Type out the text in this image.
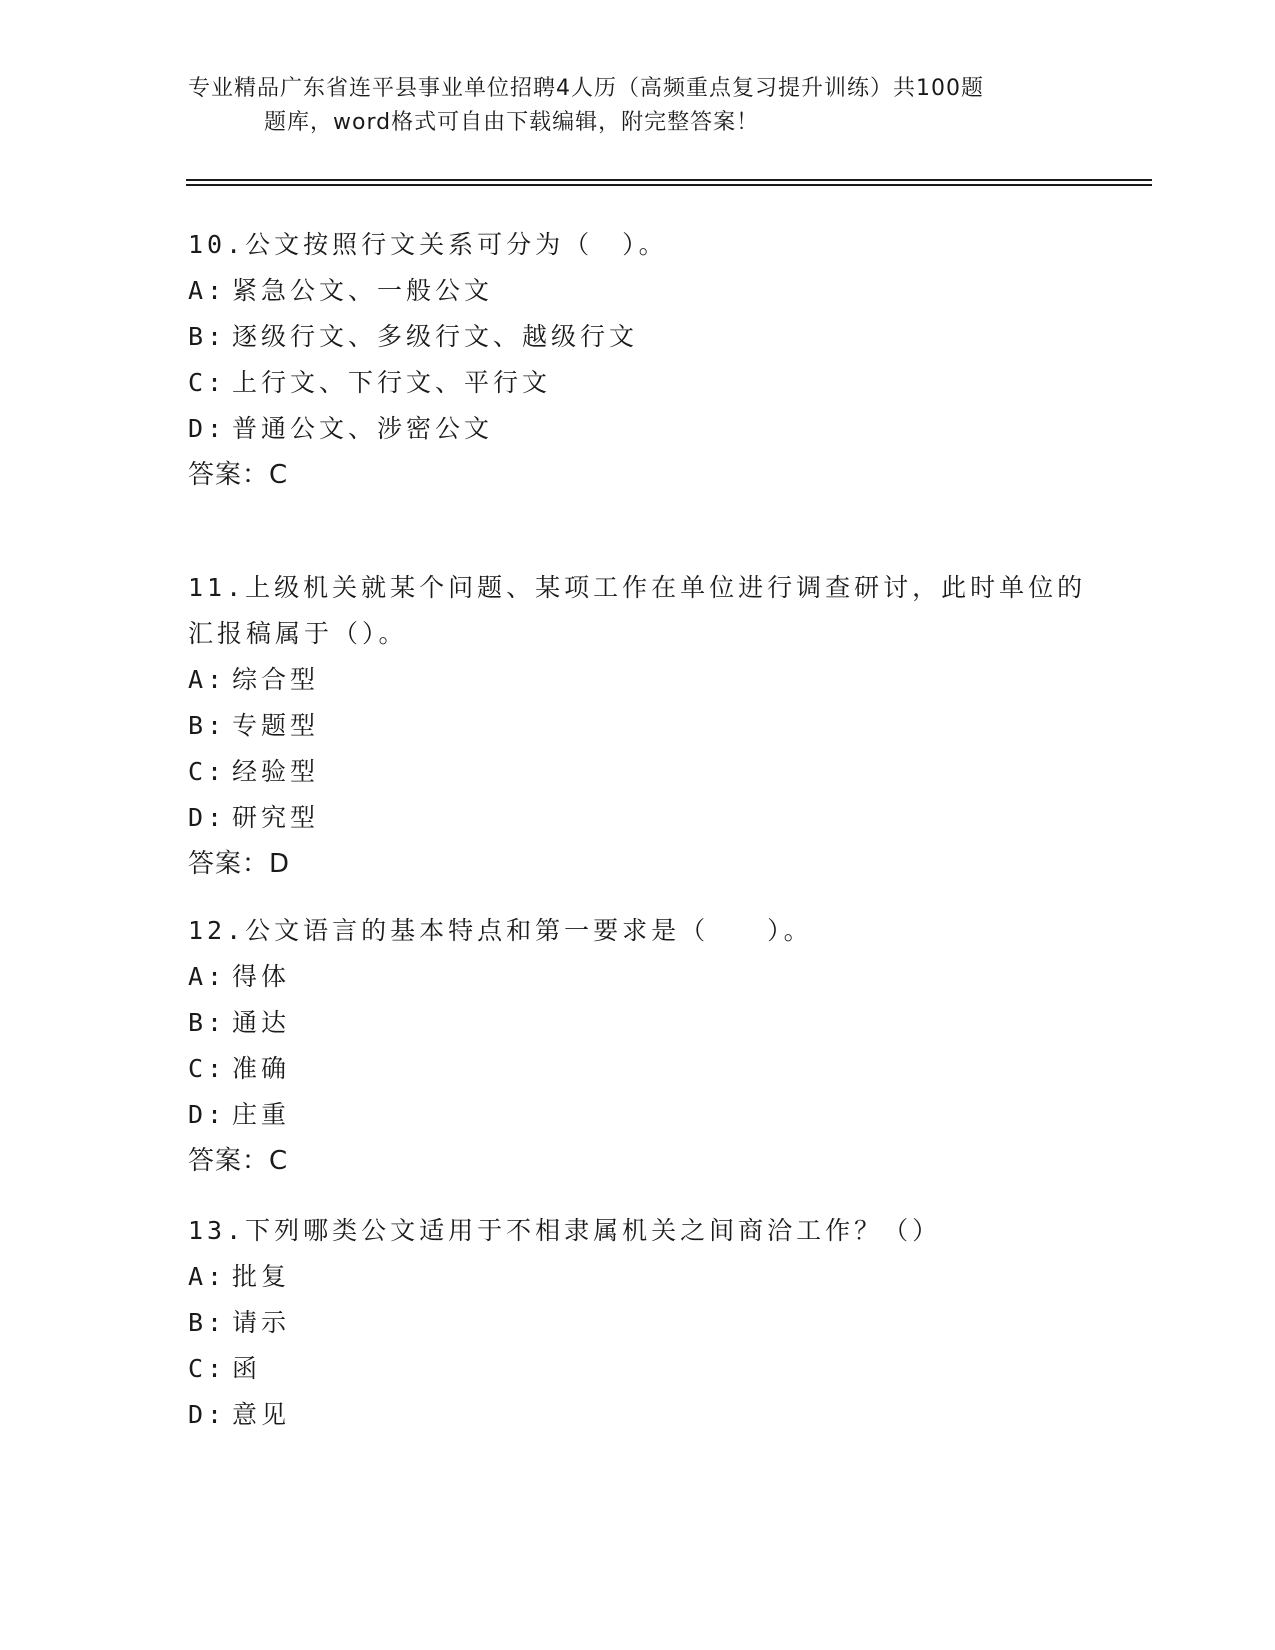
专业精品广东省连平县事业单位招聘4人历（高频重点复习提升训练）共100题
题库，word格式可自由下载编辑，附完整答案！
10.公文按照行文关系可分为（　）。
A: 紧急公文、一般公文
B: 逐级行文、多级行文、越级行文
C: 上行文、下行文、平行文
D: 普通公文、涉密公文
答案：C
11.上级机关就某个问题、某项工作在单位进行调查研讨，此时单位的
汇报稿属于（）。
A: 综合型
B: 专题型
C: 经验型
D: 研究型
答案：D
12.公文语言的基本特点和第一要求是（　　）。
A: 得体
B: 通达
C: 准确
D: 庄重
答案：C
13.下列哪类公文适用于不相隶属机关之间商洽工作？（）
A: 批复
B: 请示
C: 函
D: 意见
